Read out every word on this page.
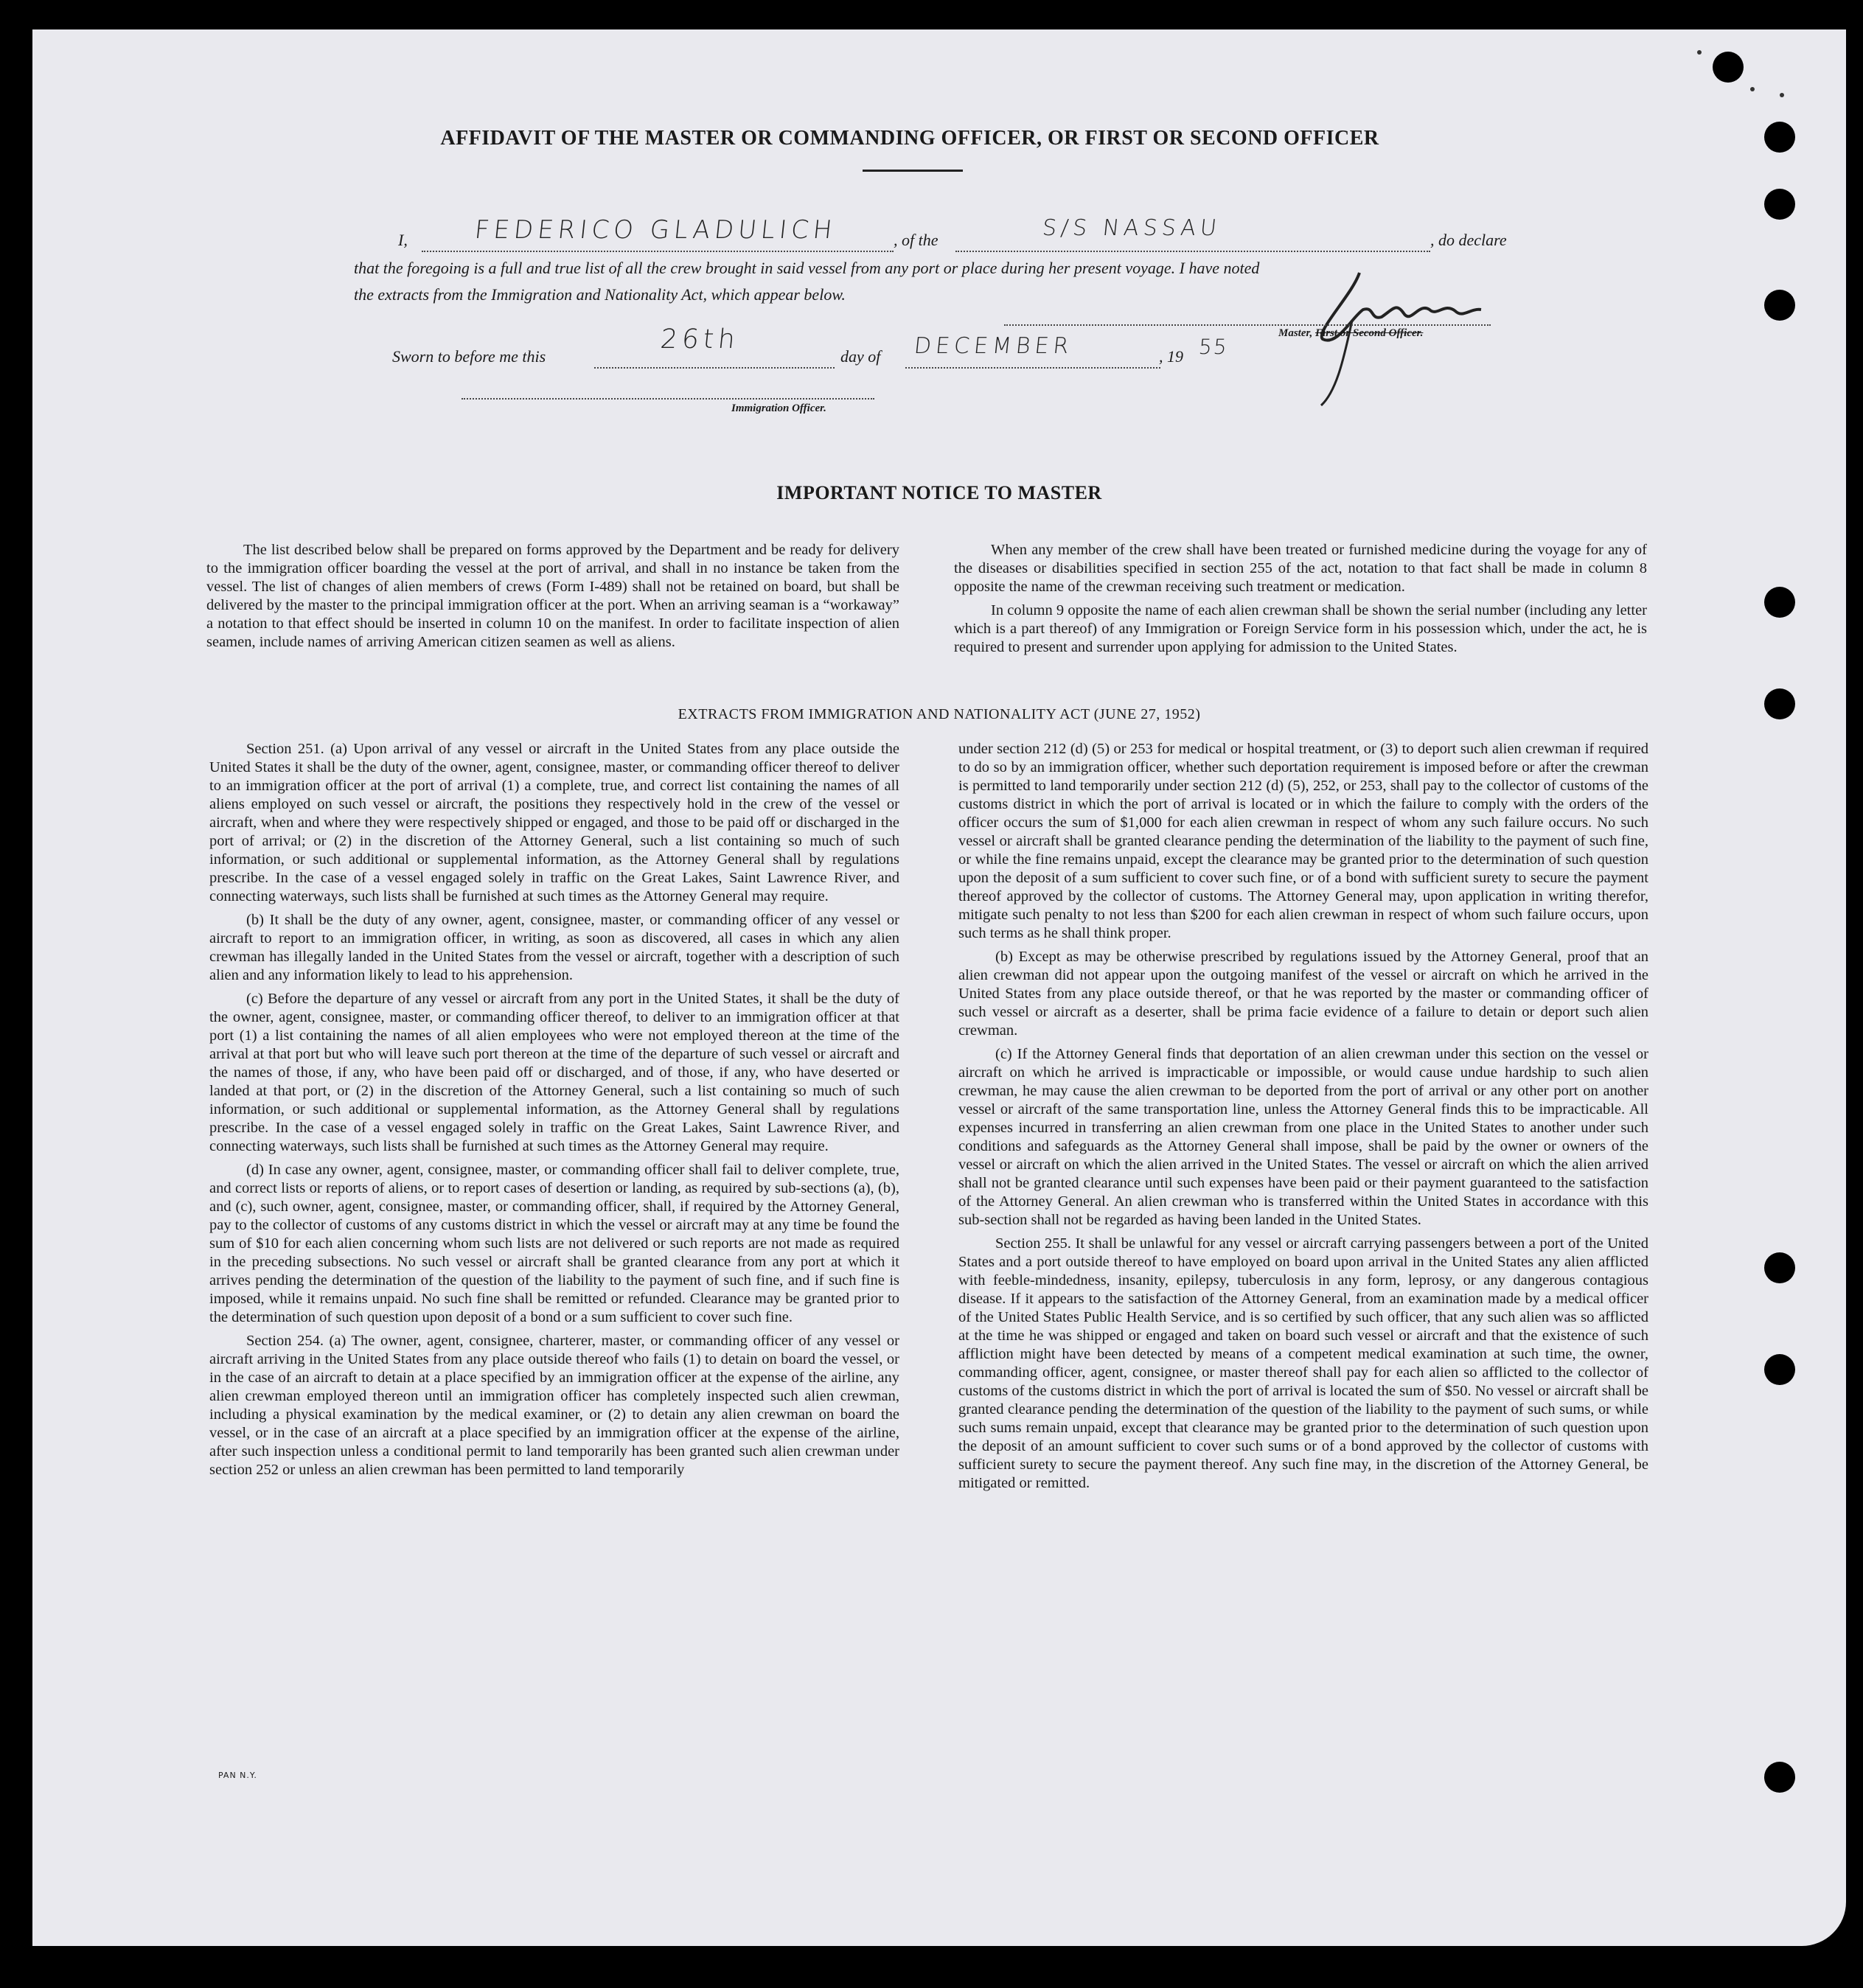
AFFIDAVIT OF THE MASTER OR COMMANDING OFFICER, OR FIRST OR SECOND OFFICER
I,	FEDERICO GLADULICH	, of the	S/S NASSAU	, do declare
that the foregoing is a full and true list of all the crew brought in said vessel from any port or place during her present voyage. I have noted
the extracts from the Immigration and Nationality Act, which appear below.
Master, First or Second Officer.
Sworn to before me this
26th
day of DECEMBER	, 19 55
Immigration Officer.
IMPORTANT NOTICE TO MASTER

The list described below shall be prepared on forms approved by the Department and be ready for delivery to the immigration officer boarding the vessel at the port of arrival, and shall in no instance be taken from the vessel. The list of changes of alien members of crews (Form I-489) shall not be retained on board, but shall be delivered by the master to the principal immigration officer at the port. When an arriving seaman is a “workaway” a notation to that effect should be inserted in column 10 on the manifest. In order to facilitate inspection of alien seamen, include names of arriving American citizen seamen as well as aliens.

When any member of the crew shall have been treated or furnished medicine during the voyage for any of the diseases or disabilities specified in section 255 of the act, notation to that fact shall be made in column 8 opposite the name of the crewman receiving such treatment or medication.

In column 9 opposite the name of each alien crewman shall be shown the serial number (including any letter which is a part thereof) of any Immigration or Foreign Service form in his possession which, under the act, he is required to present and surrender upon applying for admission to the United States.

EXTRACTS FROM IMMIGRATION AND NATIONALITY ACT (JUNE 27, 1952)

Section 251. (a) Upon arrival of any vessel or aircraft in the United States from any place outside the United States it shall be the duty of the owner, agent, consignee, master, or commanding officer thereof to deliver to an immigration officer at the port of arrival (1) a complete, true, and correct list containing the names of all aliens employed on such vessel or aircraft, the positions they respectively hold in the crew of the vessel or aircraft, when and where they were respectively shipped or engaged, and those to be paid off or discharged in the port of arrival; or (2) in the discretion of the Attorney General, such a list containing so much of such information, or such additional or supplemental information, as the Attorney General shall by regulations prescribe. In the case of a vessel engaged solely in traffic on the Great Lakes, Saint Lawrence River, and connecting waterways, such lists shall be furnished at such times as the Attorney General may require.

(b) It shall be the duty of any owner, agent, consignee, master, or commanding officer of any vessel or aircraft to report to an immigration officer, in writing, as soon as discovered, all cases in which any alien crewman has illegally landed in the United States from the vessel or aircraft, together with a description of such alien and any information likely to lead to his apprehension.

(c) Before the departure of any vessel or aircraft from any port in the United States, it shall be the duty of the owner, agent, consignee, master, or commanding officer thereof, to deliver to an immigration officer at that port (1) a list containing the names of all alien employees who were not employed thereon at the time of the arrival at that port but who will leave such port thereon at the time of the departure of such vessel or aircraft and the names of those, if any, who have been paid off or discharged, and of those, if any, who have deserted or landed at that port, or (2) in the discretion of the Attorney General, such a list containing so much of such information, or such additional or supplemental information, as the Attorney General shall by regulations prescribe. In the case of a vessel engaged solely in traffic on the Great Lakes, Saint Lawrence River, and connecting waterways, such lists shall be furnished at such times as the Attorney General may require.

(d) In case any owner, agent, consignee, master, or commanding officer shall fail to deliver complete, true, and correct lists or reports of aliens, or to report cases of desertion or landing, as required by sub-sections (a), (b), and (c), such owner, agent, consignee, master, or commanding officer, shall, if required by the Attorney General, pay to the collector of customs of any customs district in which the vessel or aircraft may at any time be found the sum of $10 for each alien concerning whom such lists are not delivered or such reports are not made as required in the preceding subsections. No such vessel or aircraft shall be granted clearance from any port at which it arrives pending the determination of the question of the liability to the payment of such fine, and if such fine is imposed, while it remains unpaid. No such fine shall be remitted or refunded. Clearance may be granted prior to the determination of such question upon deposit of a bond or a sum sufficient to cover such fine.

Section 254. (a) The owner, agent, consignee, charterer, master, or commanding officer of any vessel or aircraft arriving in the United States from any place outside thereof who fails (1) to detain on board the vessel, or in the case of an aircraft to detain at a place specified by an immigration officer at the expense of the airline, any alien crewman employed thereon until an immigration officer has completely inspected such alien crewman, including a physical examination by the medical examiner, or (2) to detain any alien crewman on board the vessel, or in the case of an aircraft at a place specified by an immigration officer at the expense of the airline, after such inspection unless a conditional permit to land temporarily has been granted such alien crewman under section 252 or unless an alien crewman has been permitted to land temporarily

under section 212 (d) (5) or 253 for medical or hospital treatment, or (3) to deport such alien crewman if required to do so by an immigration officer, whether such deportation requirement is imposed before or after the crewman is permitted to land temporarily under section 212 (d) (5), 252, or 253, shall pay to the collector of customs of the customs district in which the port of arrival is located or in which the failure to comply with the orders of the officer occurs the sum of $1,000 for each alien crewman in respect of whom any such failure occurs. No such vessel or aircraft shall be granted clearance pending the determination of the liability to the payment of such fine, or while the fine remains unpaid, except the clearance may be granted prior to the determination of such question upon the deposit of a sum sufficient to cover such fine, or of a bond with sufficient surety to secure the payment thereof approved by the collector of customs. The Attorney General may, upon application in writing therefor, mitigate such penalty to not less than $200 for each alien crewman in respect of whom such failure occurs, upon such terms as he shall think proper.

(b) Except as may be otherwise prescribed by regulations issued by the Attorney General, proof that an alien crewman did not appear upon the outgoing manifest of the vessel or aircraft on which he arrived in the United States from any place outside thereof, or that he was reported by the master or commanding officer of such vessel or aircraft as a deserter, shall be prima facie evidence of a failure to detain or deport such alien crewman.

(c) If the Attorney General finds that deportation of an alien crewman under this section on the vessel or aircraft on which he arrived is impracticable or impossible, or would cause undue hardship to such alien crewman, he may cause the alien crewman to be deported from the port of arrival or any other port on another vessel or aircraft of the same transportation line, unless the Attorney General finds this to be impracticable. All expenses incurred in transferring an alien crewman from one place in the United States to another under such conditions and safeguards as the Attorney General shall impose, shall be paid by the owner or owners of the vessel or aircraft on which the alien arrived in the United States. The vessel or aircraft on which the alien arrived shall not be granted clearance until such expenses have been paid or their payment guaranteed to the satisfaction of the Attorney General. An alien crewman who is transferred within the United States in accordance with this sub-section shall not be regarded as having been landed in the United States.

Section 255. It shall be unlawful for any vessel or aircraft carrying passengers between a port of the United States and a port outside thereof to have employed on board upon arrival in the United States any alien afflicted with feeble-mindedness, insanity, epilepsy, tuberculosis in any form, leprosy, or any dangerous contagious disease. If it appears to the satisfaction of the Attorney General, from an examination made by a medical officer of the United States Public Health Service, and is so certified by such officer, that any such alien was so afflicted at the time he was shipped or engaged and taken on board such vessel or aircraft and that the existence of such affliction might have been detected by means of a competent medical examination at such time, the owner, commanding officer, agent, consignee, or master thereof shall pay for each alien so afflicted to the collector of customs of the customs district in which the port of arrival is located the sum of $50. No vessel or aircraft shall be granted clearance pending the determination of the question of the liability to the payment of such sums, or while such sums remain unpaid, except that clearance may be granted prior to the determination of such question upon the deposit of an amount sufficient to cover such sums or of a bond approved by the collector of customs with sufficient surety to secure the payment thereof. Any such fine may, in the discretion of the Attorney General, be mitigated or remitted.

PAN N.Y.
